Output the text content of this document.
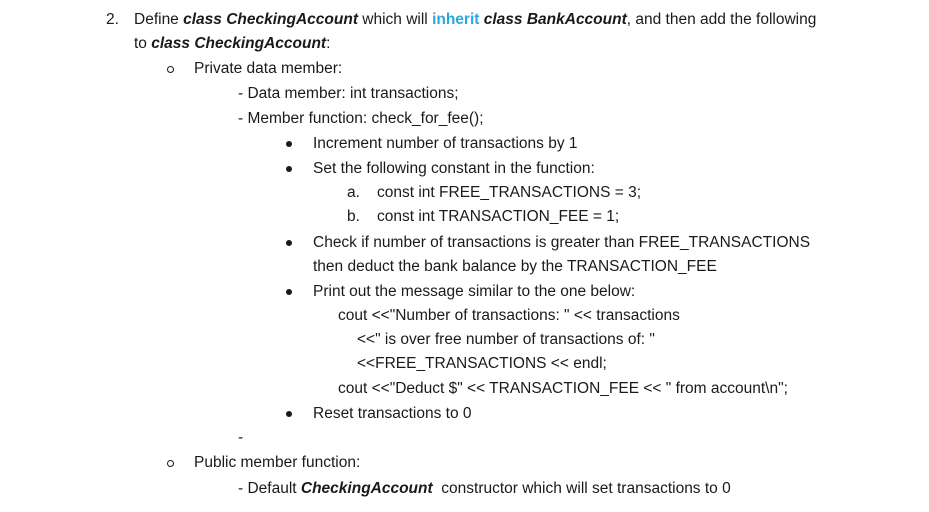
2. Define class CheckingAccount which will inherit class BankAccount, and then add the following
to class CheckingAccount:
Private data member:
- Data member: int transactions;
- Member function: check_for_fee();
Increment number of transactions by 1
Set the following constant in the function:
a. const int FREE_TRANSACTIONS = 3;
b. const int TRANSACTION_FEE = 1;
Check if number of transactions is greater than FREE_TRANSACTIONS
then deduct the bank balance by the TRANSACTION_FEE
Print out the message similar to the one below:
cout <<"Number of transactions: " << transactions
<<" is over free number of transactions of: "
<<FREE_TRANSACTIONS << endl;
cout <<"Deduct $" << TRANSACTION_FEE << " from account\n";
Reset transactions to 0
-
Public member function:
- Default CheckingAccount  constructor which will set transactions to 0
